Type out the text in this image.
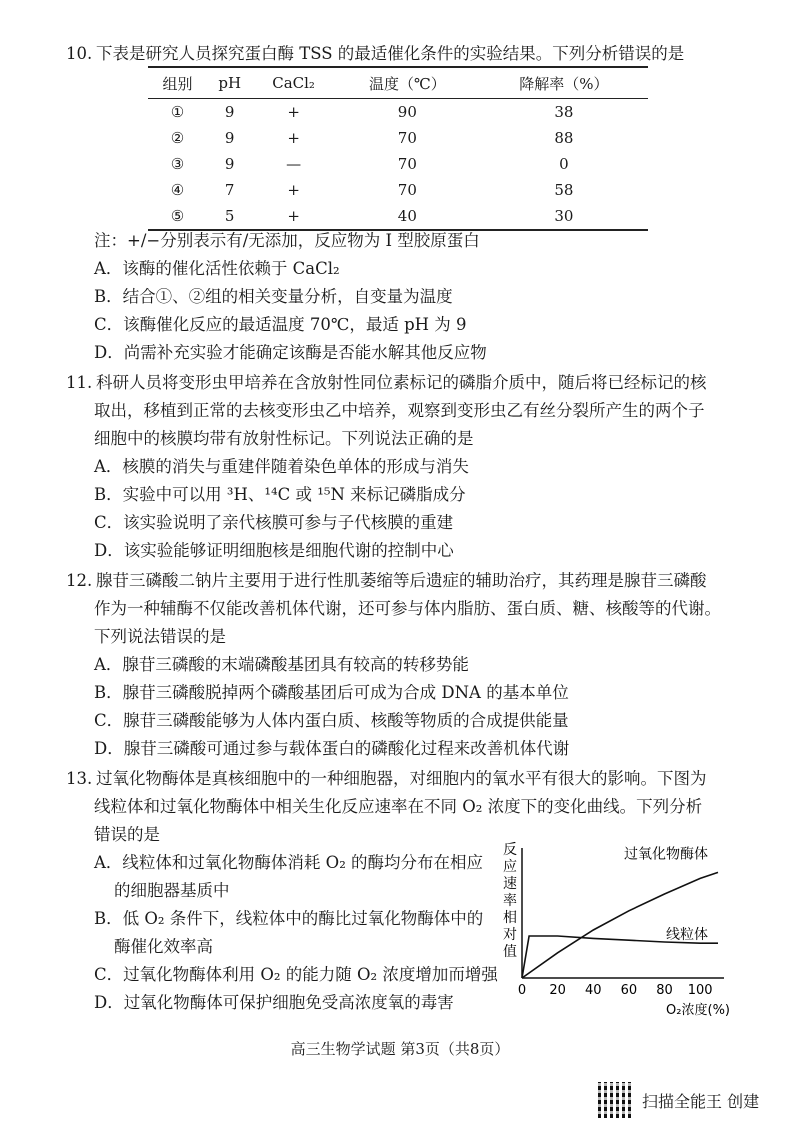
10. 下表是研究人员探究蛋白酶 TSS 的最适催化条件的实验结果。下列分析错误的是
组别	pH	CaCl₂	温度（℃）	降解率（%）
①	9	+	90	38
②	9	+	70	88
③	9	—	70	0
④	7	+	70	58
⑤	5	+	40	30
注：+/−分别表示有/无添加，反应物为 I 型胶原蛋白
A．该酶的催化活性依赖于 CaCl₂
B．结合①、②组的相关变量分析，自变量为温度
C．该酶催化反应的最适温度 70℃，最适 pH 为 9
D．尚需补充实验才能确定该酶是否能水解其他反应物
11. 科研人员将变形虫甲培养在含放射性同位素标记的磷脂介质中，随后将已经标记的核
取出，移植到正常的去核变形虫乙中培养，观察到变形虫乙有丝分裂所产生的两个子
细胞中的核膜均带有放射性标记。下列说法正确的是
A．核膜的消失与重建伴随着染色单体的形成与消失
B．实验中可以用 ³H、¹⁴C 或 ¹⁵N 来标记磷脂成分
C．该实验说明了亲代核膜可参与子代核膜的重建
D．该实验能够证明细胞核是细胞代谢的控制中心
12. 腺苷三磷酸二钠片主要用于进行性肌萎缩等后遗症的辅助治疗，其药理是腺苷三磷酸
作为一种辅酶不仅能改善机体代谢，还可参与体内脂肪、蛋白质、糖、核酸等的代谢。
下列说法错误的是
A．腺苷三磷酸的末端磷酸基团具有较高的转移势能
B．腺苷三磷酸脱掉两个磷酸基团后可成为合成 DNA 的基本单位
C．腺苷三磷酸能够为人体内蛋白质、核酸等物质的合成提供能量
D．腺苷三磷酸可通过参与载体蛋白的磷酸化过程来改善机体代谢
13. 过氧化物酶体是真核细胞中的一种细胞器，对细胞内的氧水平有很大的影响。下图为
线粒体和过氧化物酶体中相关生化反应速率在不同 O₂ 浓度下的变化曲线。下列分析
错误的是
A．线粒体和过氧化物酶体消耗 O₂ 的酶均分布在相应
的细胞器基质中
B．低 O₂ 条件下，线粒体中的酶比过氧化物酶体中的
酶催化效率高
C．过氧化物酶体利用 O₂ 的能力随 O₂ 浓度增加而增强
D．过氧化物酶体可保护细胞免受高浓度氧的毒害
反
应
速
率
相
对
值
0 20 40 60 80 100
O₂浓度(%)
过氧化物酶体
线粒体
高三生物学试题 第3页（共8页）
扫描全能王 创建
